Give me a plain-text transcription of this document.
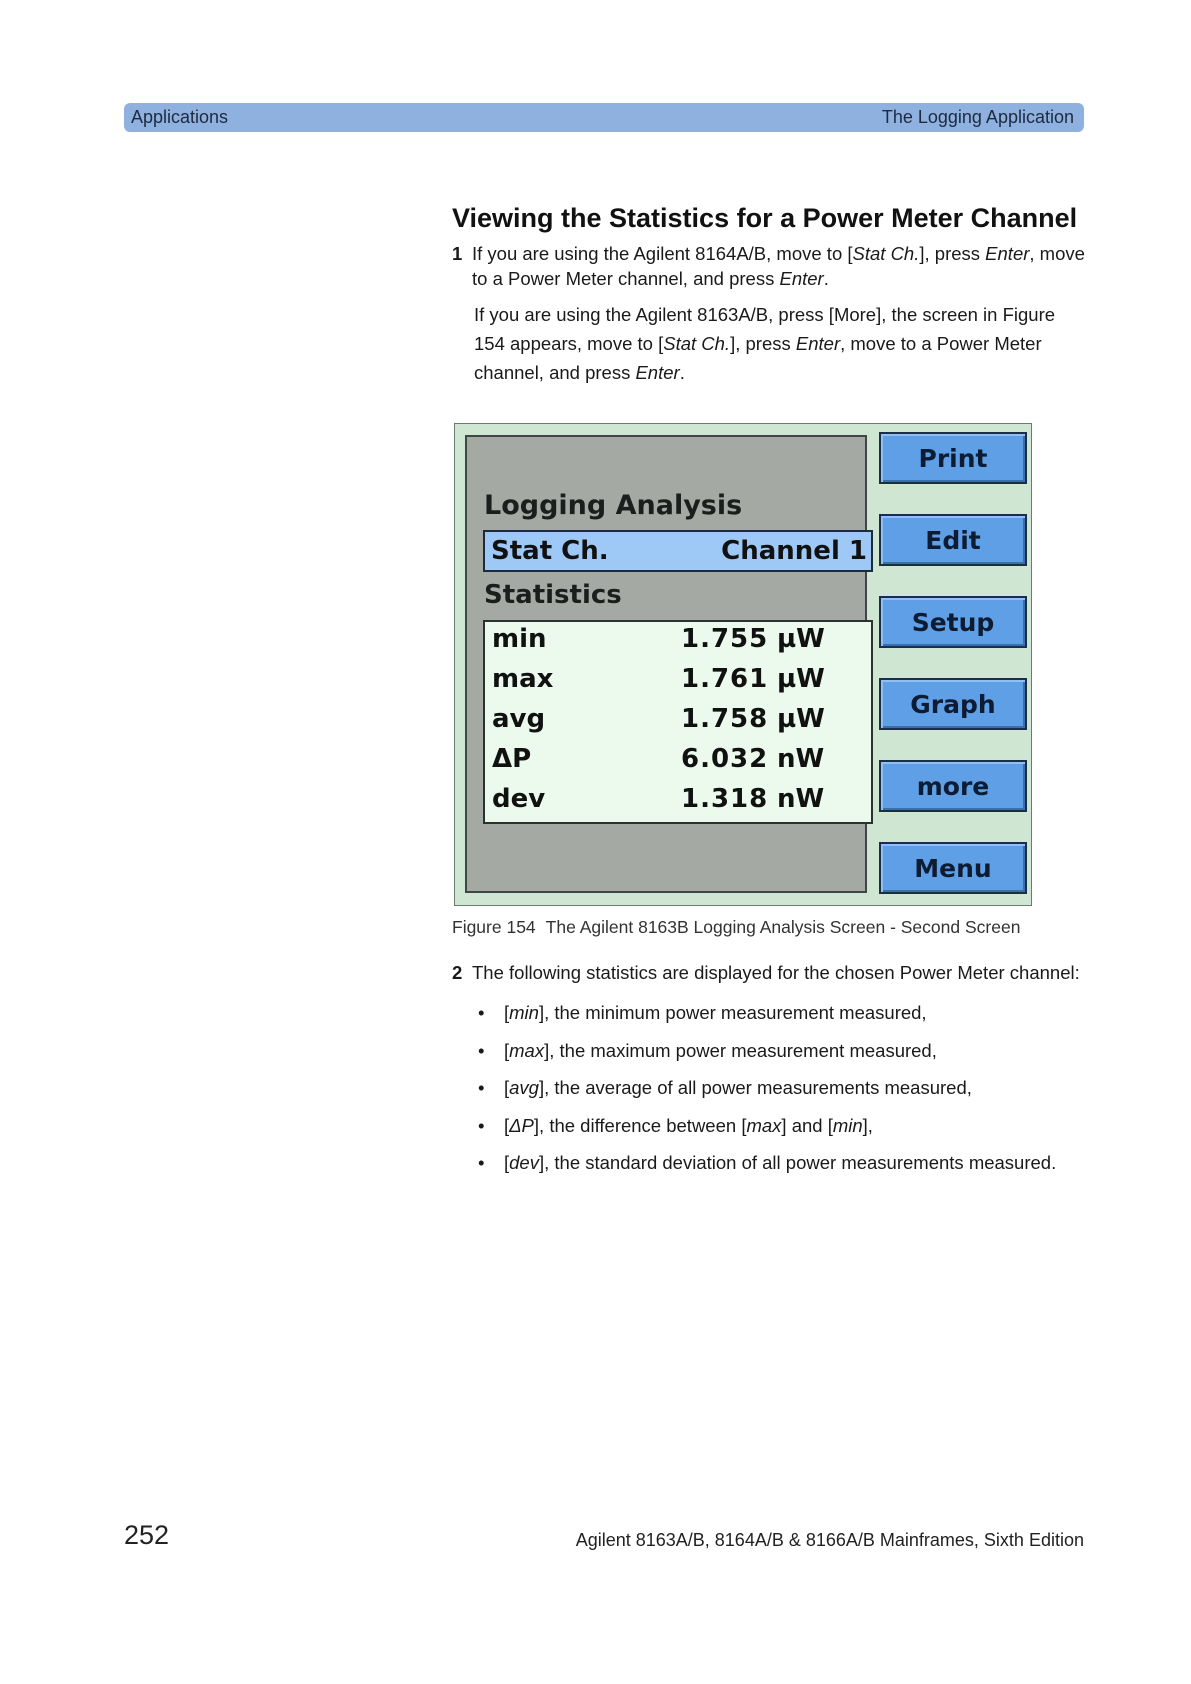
Applications	The Logging Application
Viewing the Statistics for a Power Meter Channel
1 If you are using the Agilent 8164A/B, move to [Stat Ch.], press Enter, move to a Power Meter channel, and press Enter.
If you are using the Agilent 8163A/B, press [More], the screen in Figure 154 appears, move to [Stat Ch.], press Enter, move to a Power Meter channel, and press Enter.
Logging Analysis
Stat Ch.	Channel 1
Statistics
min	1.755 µW
max	1.761 µW
avg	1.758 µW
ΔP	6.032 nW
dev	1.318 nW
Print
Edit
Setup
Graph
more
Menu
Figure 154 The Agilent 8163B Logging Analysis Screen - Second Screen
2 The following statistics are displayed for the chosen Power Meter channel:
• [min], the minimum power measurement measured,
• [max], the maximum power measurement measured,
• [avg], the average of all power measurements measured,
• [ΔP], the difference between [max] and [min],
• [dev], the standard deviation of all power measurements measured.
252	Agilent 8163A/B, 8164A/B & 8166A/B Mainframes, Sixth Edition
